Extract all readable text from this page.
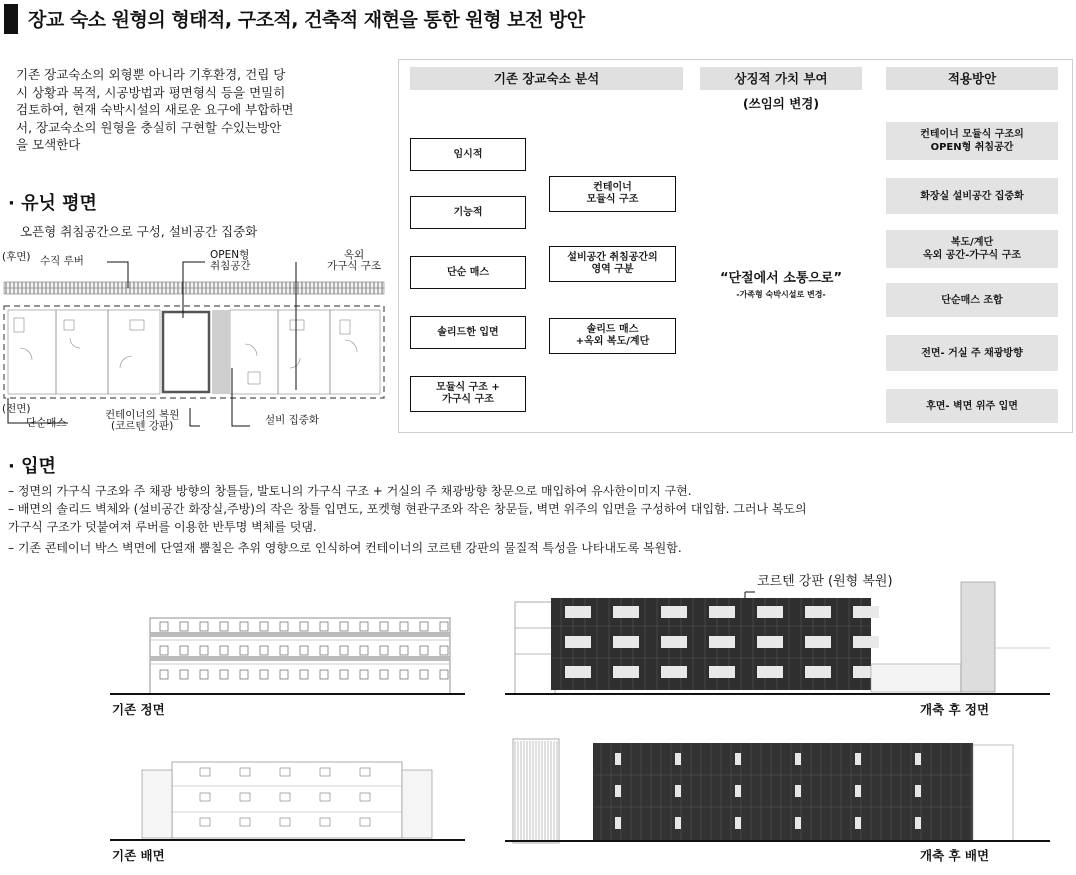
장교 숙소 원형의 형태적, 구조적, 건축적 재현을 통한 원형 보전 방안
기존 장교숙소의 외형뿐 아니라 기후환경, 건립 당
시 상황과 목적, 시공방법과 평면형식 등을 면밀히
검토하여, 현재 숙박시설의 새로운 요구에 부합하면
서, 장교숙소의 원형을 충실히 구현할 수있는방안
을 모색한다
· 유닛 평면
오픈형 취침공간으로 구성, 설비공간 집중화
(후면) 수직 루버	OPEN형
취침공간
옥외
가구식 구조
(전면)
단순매스
컨테이너의 복원
(코르텐 강판)	설비 집중화
기존 장교숙소 분석	상징적 가치 부여
(쓰임의 변경)
적용방안
임시적
기능적
단순 매스
솔리드한 입면
모듈식 구조 +
가구식 구조
컨테이너
모듈식 구조
설비공간 취침공간의
영역 구분
솔리드 매스
+옥외 복도/계단
“단절에서 소통으로”
-가족형 숙박시설로 변경-
컨테이너 모듈식 구조의
OPEN형 취침공간
화장실 설비공간 집중화
복도/계단
옥외 공간-가구식 구조
단순매스 조합
전면- 거실 주 채광방향
후면- 벽면 위주 입면
· 입면
– 정면의 가구식 구조와 주 채광 방향의 창틀들, 발토니의 가구식 구조 + 거실의 주 채광방향 창문으로 매입하여 유사한이미지 구현.
– 배면의 솔리드 벽체와 (설비공간 화장실,주방)의 작은 창틀 입면도, 포켓형 현관구조와 작은 창문들, 벽면 위주의 입면을 구성하여 대입함. 그러나 복도의
가구식 구조가 덧붙여져 루버를 이용한 반투명 벽체를 덧댐.
– 기존 콘테이너 박스 벽면에 단열재 뿜칠은 추위 영향으로 인식하여 컨테이너의 코르텐 강판의 물질적 특성을 나타내도록 복원함.
기존 정면
코르텐 강판 (원형 복원)
개축 후 정면
기존 배면	개축 후 배면
